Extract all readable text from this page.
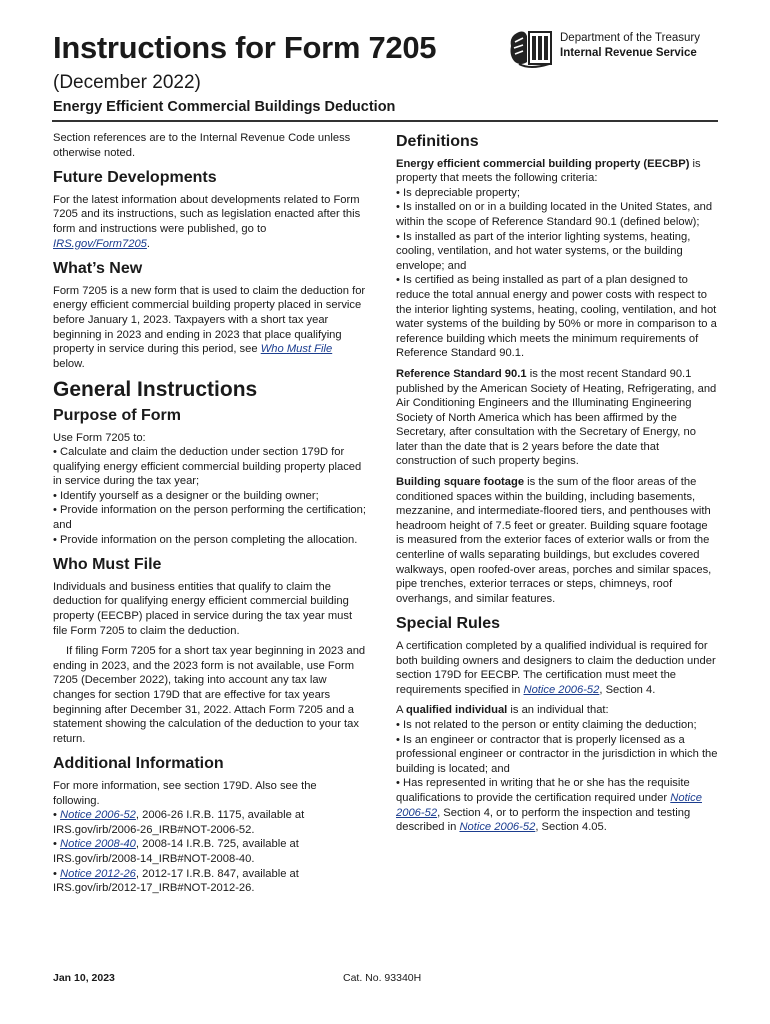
Instructions for Form 7205
(December 2022)
Energy Efficient Commercial Buildings Deduction
Department of the Treasury
Internal Revenue Service

Section references are to the Internal Revenue Code unless otherwise noted.

Future Developments

For the latest information about developments related to Form 7205 and its instructions, such as legislation enacted after this form and instructions were published, go to IRS.gov/Form7205.

What’s New

Form 7205 is a new form that is used to claim the deduction for energy efficient commercial building property placed in service before January 1, 2023. Taxpayers with a short tax year beginning in 2023 and ending in 2023 that place qualifying property in service during this period, see Who Must File below.

General Instructions
Purpose of Form

Use Form 7205 to:

• Calculate and claim the deduction under section 179D for qualifying energy efficient commercial building property placed in service during the tax year;
• Identify yourself as a designer or the building owner;
• Provide information on the person performing the certification; and
• Provide information on the person completing the allocation.
Who Must File

Individuals and business entities that qualify to claim the deduction for qualifying energy efficient commercial building property (EECBP) placed in service during the tax year must file Form 7205 to claim the deduction.

If filing Form 7205 for a short tax year beginning in 2023 and ending in 2023, and the 2023 form is not available, use Form 7205 (December 2022), taking into account any tax law changes for section 179D that are effective for tax years beginning after December 31, 2022. Attach Form 7205 and a statement showing the calculation of the deduction to your tax return.

Additional Information

For more information, see section 179D. Also see the following.

• Notice 2006-52, 2006-26 I.R.B. 1175, available at IRS.gov/irb/2006-26_IRB#NOT-2006-52.
• Notice 2008-40, 2008-14 I.R.B. 725, available at IRS.gov/irb/2008-14_IRB#NOT-2008-40.
• Notice 2012-26, 2012-17 I.R.B. 847, available at IRS.gov/irb/2012-17_IRB#NOT-2012-26.
Definitions

Energy efficient commercial building property (EECBP) is property that meets the following criteria:

• Is depreciable property;
• Is installed on or in a building located in the United States, and within the scope of Reference Standard 90.1 (defined below);
• Is installed as part of the interior lighting systems, heating, cooling, ventilation, and hot water systems, or the building envelope; and
• Is certified as being installed as part of a plan designed to reduce the total annual energy and power costs with respect to the interior lighting systems, heating, cooling, ventilation, and hot water systems of the building by 50% or more in comparison to a reference building which meets the minimum requirements of Reference Standard 90.1.

Reference Standard 90.1 is the most recent Standard 90.1 published by the American Society of Heating, Refrigerating, and Air Conditioning Engineers and the Illuminating Engineering Society of North America which has been affirmed by the Secretary, after consultation with the Secretary of Energy, no later than the date that is 2 years before the date that construction of such property begins.

Building square footage is the sum of the floor areas of the conditioned spaces within the building, including basements, mezzanine, and intermediate-floored tiers, and penthouses with headroom height of 7.5 feet or greater. Building square footage is measured from the exterior faces of exterior walls or from the centerline of walls separating buildings, but excludes covered walkways, open roofed-over areas, porches and similar spaces, pipe trenches, exterior terraces or steps, chimneys, roof overhangs, and similar features.

Special Rules

A certification completed by a qualified individual is required for both building owners and designers to claim the deduction under section 179D for EECBP. The certification must meet the requirements specified in Notice 2006-52, Section 4.

A qualified individual is an individual that:

• Is not related to the person or entity claiming the deduction;
• Is an engineer or contractor that is properly licensed as a professional engineer or contractor in the jurisdiction in which the building is located; and
• Has represented in writing that he or she has the requisite qualifications to provide the certification required under Notice 2006-52, Section 4, or to perform the inspection and testing described in Notice 2006-52, Section 4.05.
Jan 10, 2023	Cat. No. 93340H
